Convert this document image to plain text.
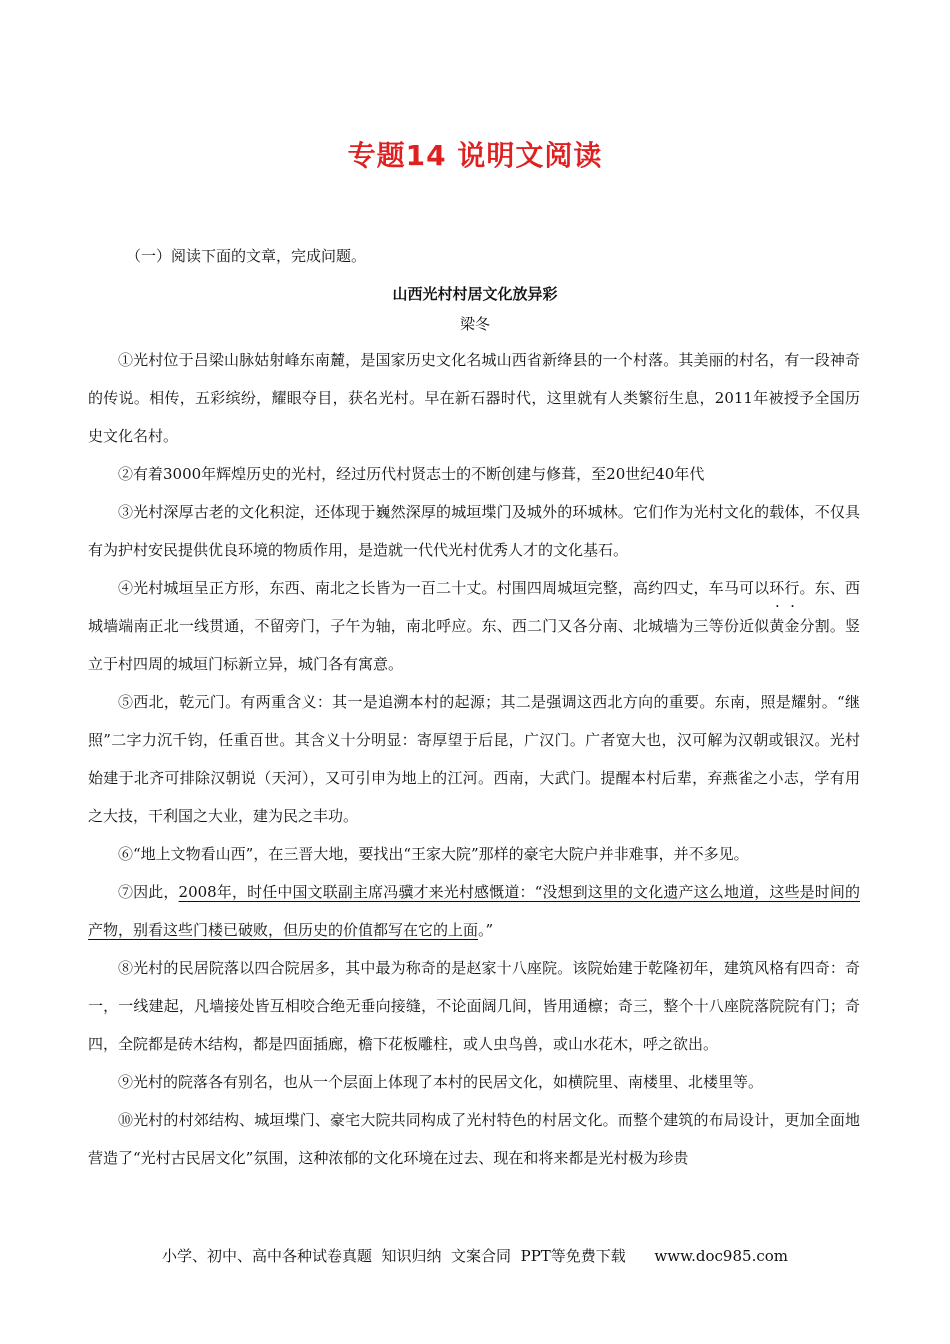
专题14 说明文阅读
（一）阅读下面的文章，完成问题。
山西光村村居文化放异彩
梁冬

①光村位于吕梁山脉姑射峰东南麓，是国家历史文化名城山西省新绛县的一个村落。其美丽的村名，有一段神奇的传说。相传，五彩缤纷，耀眼夺目，获名光村。早在新石器时代，这里就有人类繁衍生息，2011年被授予全国历史文化名村。

②有着3000年辉煌历史的光村，经过历代村贤志士的不断创建与修葺，至20世纪40年代

③光村深厚古老的文化积淀，还体现于巍然深厚的城垣堞门及城外的环城林。它们作为光村文化的载体，不仅具有为护村安民提供优良环境的物质作用，是造就一代代光村优秀人才的文化基石。

④光村城垣呈正方形，东西、南北之长皆为一百二十丈。村围四周城垣完整，高约四丈，车马可以环行。东、西城墙端南正北一线贯通，不留旁门，子午为轴，南北呼应。东、西二门又各分南、北城墙为三等份· 近· 似黄金分割。竖立于村四周的城垣门标新立异，城门各有寓意。

⑤西北，乾元门。有两重含义：其一是追溯本村的起源；其二是强调这西北方向的重要。东南，照是耀射。“继照”二字力沉千钧，任重百世。其含义十分明显：寄厚望于后昆，广汉门。广者宽大也，汉可解为汉朝或银汉。光村始建于北齐可排除汉朝说（天河），又可引申为地上的江河。西南，大武门。提醒本村后辈，弃燕雀之小志，学有用之大技，干利国之大业，建为民之丰功。

⑥“地上文物看山西”，在三晋大地，要找出“王家大院”那样的豪宅大院户并非难事，并不多见。

⑦因此，2008年，时任中国文联副主席冯骥才来光村感慨道：“没想到这里的文化遗产这么地道，这些是时间的产物，别看这些门楼已破败，但历史的价值都写在它的上面。”

⑧光村的民居院落以四合院居多，其中最为称奇的是赵家十八座院。该院始建于乾隆初年，建筑风格有四奇：奇一，一线建起，凡墙接处皆互相咬合绝无垂向接缝，不论面阔几间，皆用通檩；奇三，整个十八座院落院院有门；奇四，全院都是砖木结构，都是四面插廊，檐下花板雕柱，或人虫鸟兽，或山水花木，呼之欲出。

⑨光村的院落各有别名，也从一个层面上体现了本村的民居文化，如横院里、南楼里、北楼里等。

⑩光村的村郊结构、城垣堞门、豪宅大院共同构成了光村特色的村居文化。而整个建筑的布局设计，更加全面地营造了“光村古民居文化”氛围，这种浓郁的文化环境在过去、现在和将来都是光村极为珍贵

小学、初中、高中各种试卷真题  知识归纳  文案合同  PPT等免费下载      www.doc985.com
